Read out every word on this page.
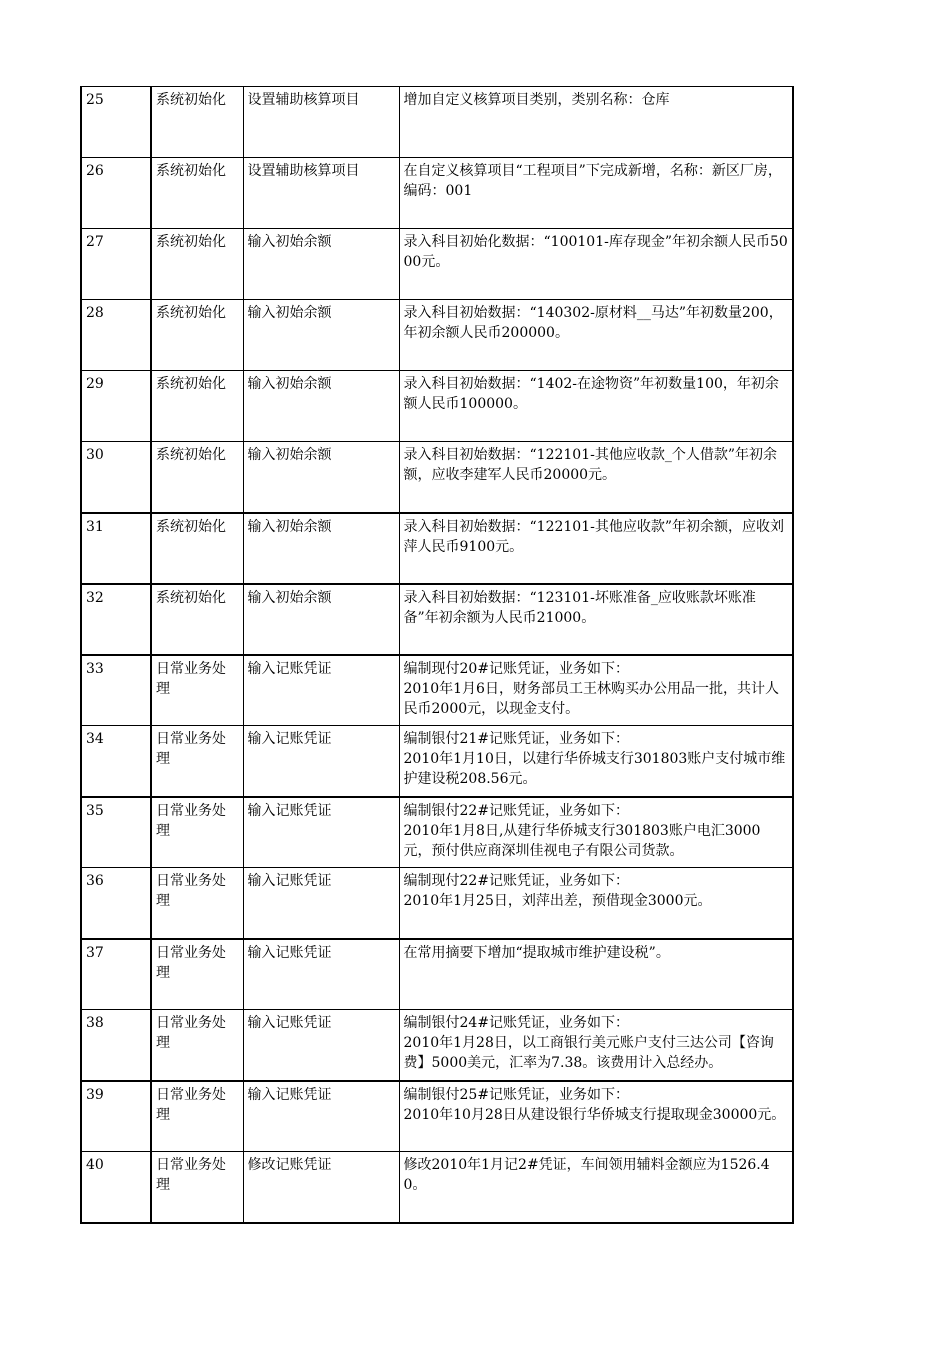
25	系统初始化	设置辅助核算项目	增加自定义核算项目类别，类别名称：仓库
26	系统初始化	设置辅助核算项目	在自定义核算项目“工程项目”下完成新增，名称：新区厂房，编码：001
27	系统初始化	输入初始余额	录入科目初始化数据：“100101-库存现金”年初余额人民币5000元。
28	系统初始化	输入初始余额	录入科目初始数据：“140302-原材料__马达”年初数量200，年初余额人民币200000。
29	系统初始化	输入初始余额	录入科目初始数据：“1402-在途物资”年初数量100，年初余额人民币100000。
30	系统初始化	输入初始余额	录入科目初始数据：“122101-其他应收款_个人借款”年初余额，应收李建军人民币20000元。
31	系统初始化	输入初始余额	录入科目初始数据：“122101-其他应收款”年初余额，应收刘萍人民币9100元。
32	系统初始化	输入初始余额	录入科目初始数据：“123101-坏账准备_应收账款坏账准备”年初余额为人民币21000。
33	日常业务处理	输入记账凭证	编制现付20#记账凭证，业务如下：
2010年1月6日，财务部员工王林购买办公用品一批，共计人民币2000元，以现金支付。
34	日常业务处理	输入记账凭证	编制银付21#记账凭证，业务如下：
2010年1月10日，以建行华侨城支行301803账户支付城市维护建设税208.56元。
35	日常业务处理	输入记账凭证	编制银付22#记账凭证，业务如下：
2010年1月8日,从建行华侨城支行301803账户电汇3000元，预付供应商深圳佳视电子有限公司货款。
36	日常业务处理	输入记账凭证	编制现付22#记账凭证，业务如下：
2010年1月25日，刘萍出差，预借现金3000元。
37	日常业务处理	输入记账凭证	在常用摘要下增加“提取城市维护建设税”。
38	日常业务处理	输入记账凭证	编制银付24#记账凭证，业务如下：
2010年1月28日，以工商银行美元账户支付三达公司【咨询费】5000美元，汇率为7.38。该费用计入总经办。
39	日常业务处理	输入记账凭证	编制银付25#记账凭证，业务如下：
2010年10月28日从建设银行华侨城支行提取现金30000元。
40	日常业务处理	修改记账凭证	修改2010年1月记2#凭证，车间领用辅料金额应为1526.40。
